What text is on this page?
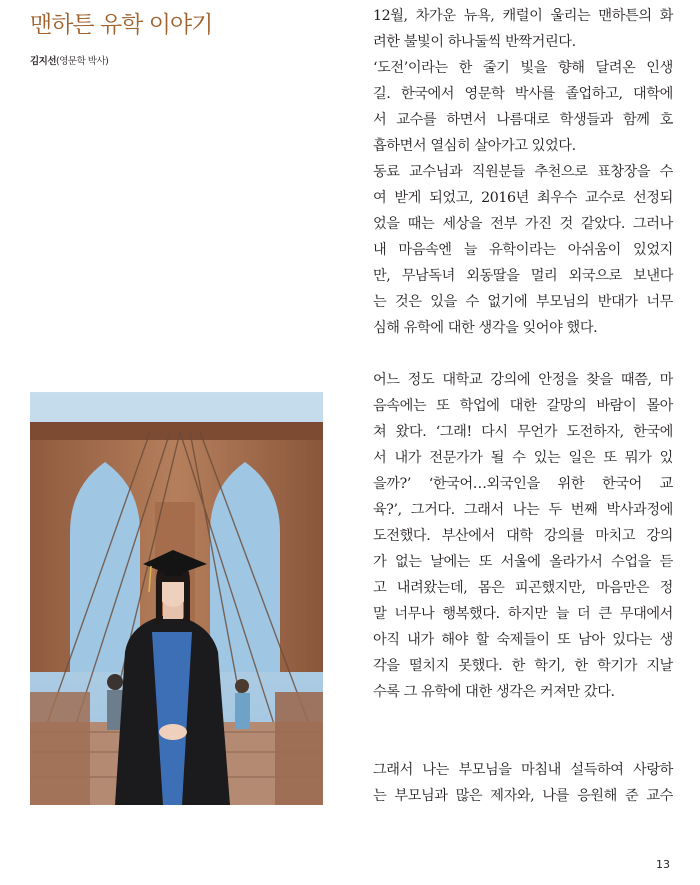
맨하튼 유학 이야기
김지선(영문학 박사)
12월, 차가운 뉴욕, 캐럴이 울리는 맨하튼의 화
려한 불빛이 하나둘씩 반짝거린다.
‘도전’이라는 한 줄기 빛을 향해 달려온 인생
길. 한국에서 영문학 박사를 졸업하고, 대학에
서 교수를 하면서 나름대로 학생들과 함께 호
흡하면서 열심히 살아가고 있었다.
동료 교수님과 직원분들 추천으로 표창장을 수
여 받게 되었고, 2016년 최우수 교수로 선정되
었을 때는 세상을 전부 가진 것 같았다. 그러나
내 마음속엔 늘 유학이라는 아쉬움이 있었지
만, 무남독녀 외동딸을 멀리 외국으로 보낸다
는 것은 있을 수 없기에 부모님의 반대가 너무
심해 유학에 대한 생각을 잊어야 했다.
어느 정도 대학교 강의에 안정을 찾을 때쯤, 마
음속에는 또 학업에 대한 갈망의 바람이 몰아
쳐 왔다. ‘그래! 다시 무언가 도전하자, 한국에
서 내가 전문가가 될 수 있는 일은 또 뭐가 있
을까?’ ‘한국어…외국인을 위한 한국어 교
육?’, 그거다. 그래서 나는 두 번째 박사과정에
도전했다. 부산에서 대학 강의를 마치고 강의
가 없는 날에는 또 서울에 올라가서 수업을 듣
고 내려왔는데, 몸은 피곤했지만, 마음만은 정
말 너무나 행복했다. 하지만 늘 더 큰 무대에서
아직 내가 해야 할 숙제들이 또 남아 있다는 생
각을 떨치지 못했다. 한 학기, 한 학기가 지날
수록 그 유학에 대한 생각은 커져만 갔다.
그래서 나는 부모님을 마침내 설득하여 사랑하
는 부모님과 많은 제자와, 나를 응원해 준 교수
13
